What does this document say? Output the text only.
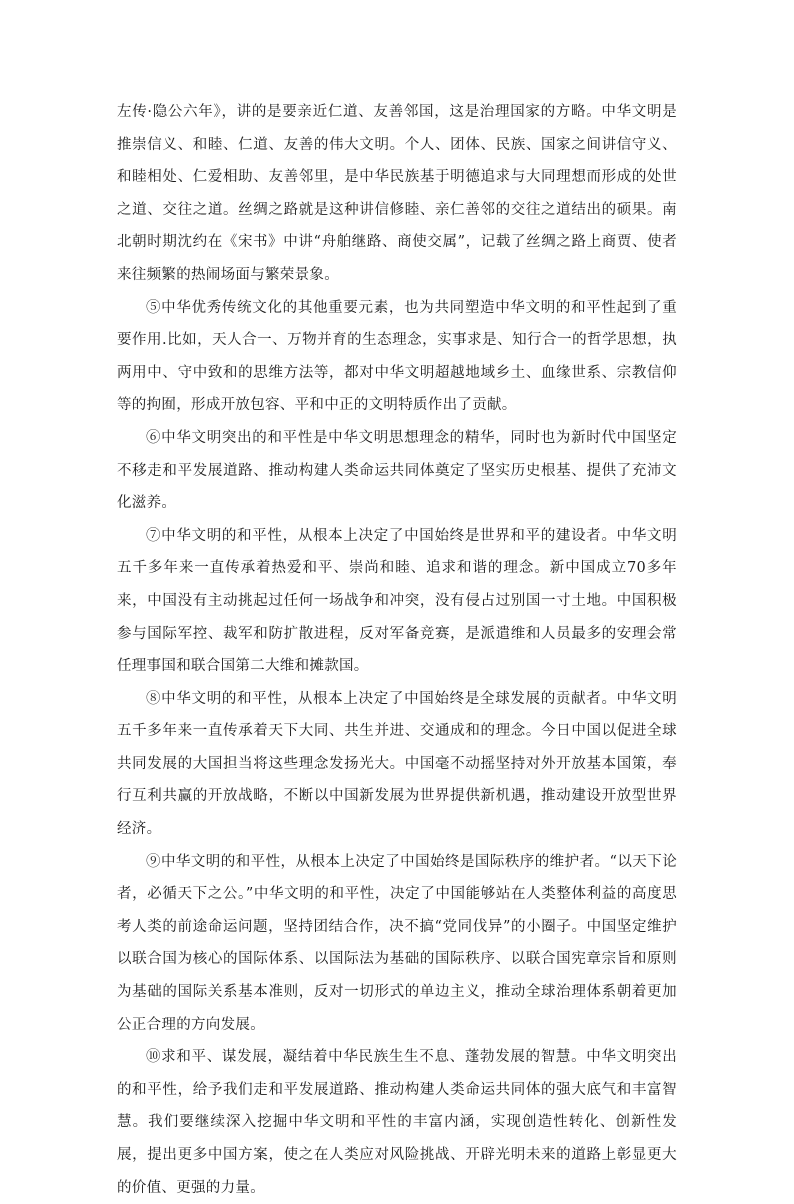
左传·隐公六年》，讲的是要亲近仁道、友善邻国，这是治理国家的方略。中华文明是推崇信义、和睦、仁道、友善的伟大文明。个人、团体、民族、国家之间讲信守义、和睦相处、仁爱相助、友善邻里，是中华民族基于明德追求与大同理想而形成的处世之道、交往之道。丝绸之路就是这种讲信修睦、亲仁善邻的交往之道结出的硕果。南北朝时期沈约在《宋书》中讲“舟舶继路、商使交属”，记载了丝绸之路上商贾、使者来往频繁的热闹场面与繁荣景象。

⑤中华优秀传统文化的其他重要元素，也为共同塑造中华文明的和平性起到了重要作用.比如，天人合一、万物并育的生态理念，实事求是、知行合一的哲学思想，执两用中、守中致和的思维方法等，都对中华文明超越地域乡土、血缘世系、宗教信仰等的拘囿，形成开放包容、平和中正的文明特质作出了贡献。

⑥中华文明突出的和平性是中华文明思想理念的精华，同时也为新时代中国坚定不移走和平发展道路、推动构建人类命运共同体奠定了坚实历史根基、提供了充沛文化滋养。

⑦中华文明的和平性，从根本上决定了中国始终是世界和平的建设者。中华文明五千多年来一直传承着热爱和平、崇尚和睦、追求和谐的理念。新中国成立70多年来，中国没有主动挑起过任何一场战争和冲突，没有侵占过别国一寸土地。中国积极参与国际军控、裁军和防扩散进程，反对军备竞赛，是派遣维和人员最多的安理会常任理事国和联合国第二大维和摊款国。

⑧中华文明的和平性，从根本上决定了中国始终是全球发展的贡献者。中华文明五千多年来一直传承着天下大同、共生并进、交通成和的理念。今日中国以促进全球共同发展的大国担当将这些理念发扬光大。中国毫不动摇坚持对外开放基本国策，奉行互利共赢的开放战略，不断以中国新发展为世界提供新机遇，推动建设开放型世界经济。

⑨中华文明的和平性，从根本上决定了中国始终是国际秩序的维护者。“以天下论者，必循天下之公。”中华文明的和平性，决定了中国能够站在人类整体利益的高度思考人类的前途命运问题，坚持团结合作，决不搞“党同伐异”的小圈子。中国坚定维护以联合国为核心的国际体系、以国际法为基础的国际秩序、以联合国宪章宗旨和原则为基础的国际关系基本准则，反对一切形式的单边主义，推动全球治理体系朝着更加公正合理的方向发展。

⑩求和平、谋发展，凝结着中华民族生生不息、蓬勃发展的智慧。中华文明突出的和平性，给予我们走和平发展道路、推动构建人类命运共同体的强大底气和丰富智慧。我们要继续深入挖掘中华文明和平性的丰富内涵，实现创造性转化、创新性发展，提出更多中国方案，使之在人类应对风险挑战、开辟光明未来的道路上彰显更大的价值、更强的力量。
